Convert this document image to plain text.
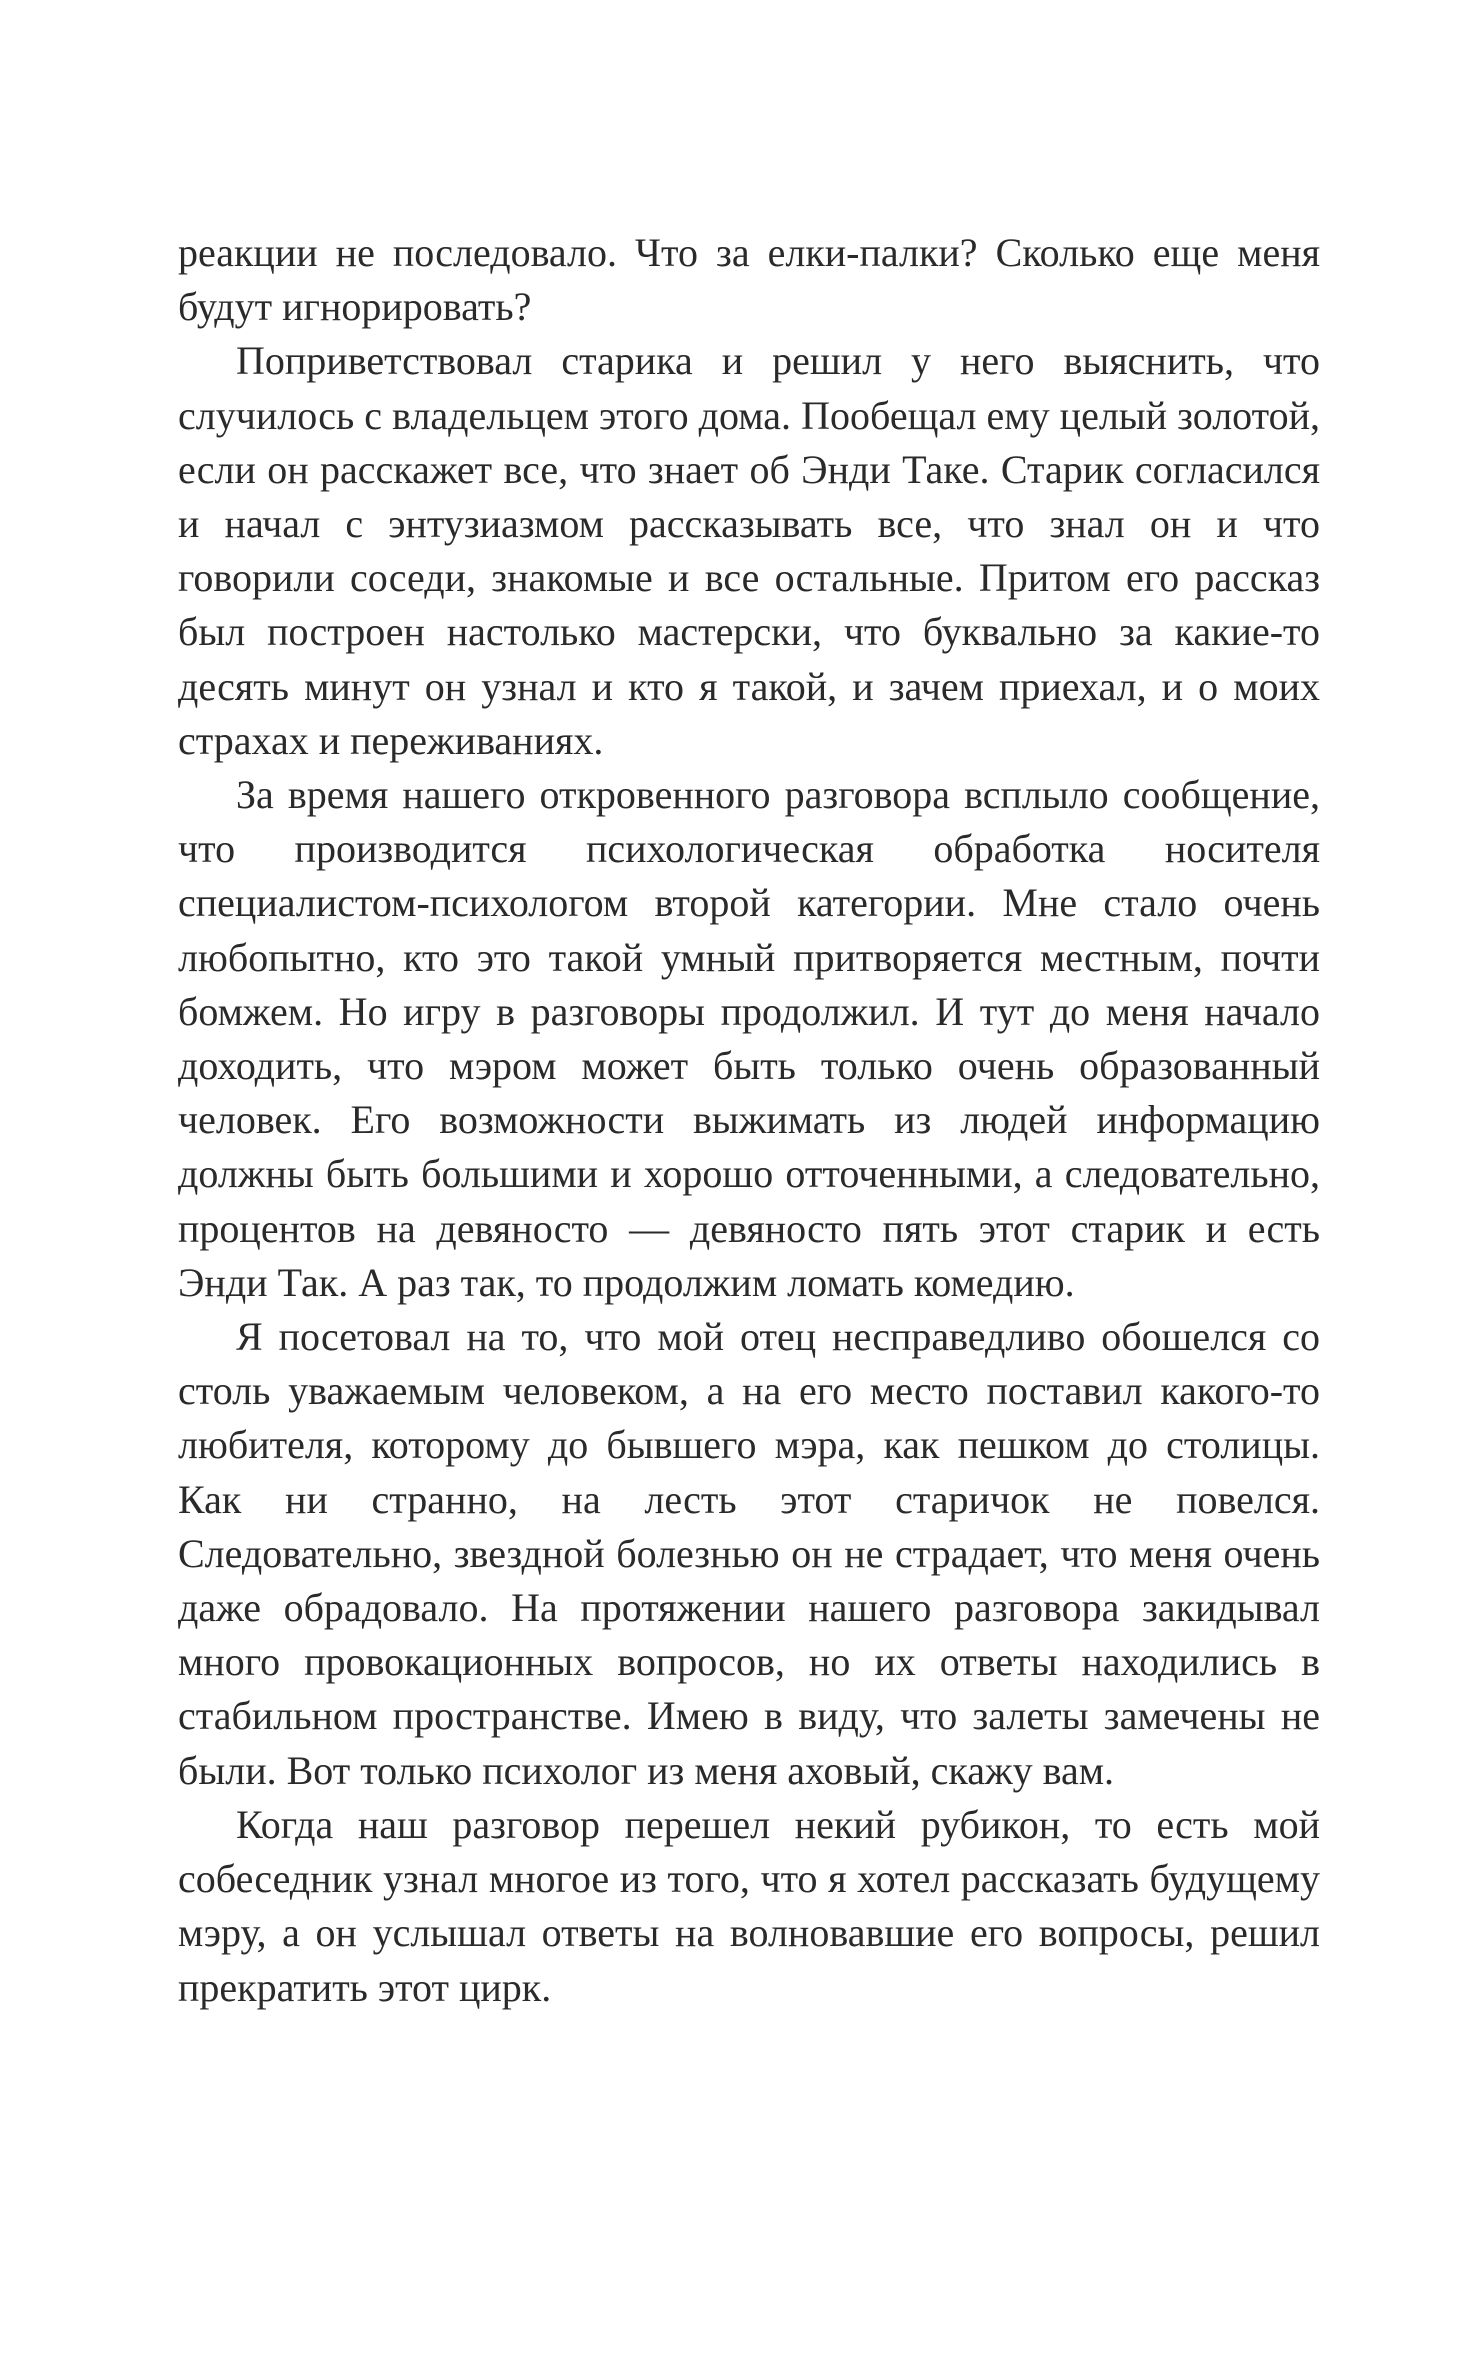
реакции не последовало. Что за елки-палки? Сколько еще меня будут игнорировать?

Поприветствовал старика и решил у него выяснить, что случилось с владельцем этого дома. Пообещал ему целый золотой, если он расскажет все, что знает об Энди Таке. Старик согласился и начал с энтузиазмом рассказывать все, что знал он и что говорили соседи, знакомые и все остальные. Притом его рассказ был построен настолько мастерски, что буквально за какие-то десять минут он узнал и кто я такой, и зачем приехал, и о моих страхах и переживаниях.

За время нашего откровенного разговора всплыло сообщение, что производится психологическая обработка носителя специалистом-психологом второй категории. Мне стало очень любопытно, кто это такой умный притворяется местным, почти бомжем. Но игру в разговоры продолжил. И тут до меня начало доходить, что мэром может быть только очень образованный человек. Его возможности выжимать из людей информацию должны быть большими и хорошо отточенными, а следовательно, процентов на девяносто — девяносто пять этот старик и есть Энди Так. А раз так, то продолжим ломать комедию.

Я посетовал на то, что мой отец несправедливо обошелся со столь уважаемым человеком, а на его место поставил какого-то любителя, которому до бывшего мэра, как пешком до столицы. Как ни странно, на лесть этот старичок не повелся. Следовательно, звездной болезнью он не страдает, что меня очень даже обрадовало. На протяжении нашего разговора закидывал много провокационных вопросов, но их ответы находились в стабильном пространстве. Имею в виду, что залеты замечены не были. Вот только психолог из меня аховый, скажу вам.

Когда наш разговор перешел некий рубикон, то есть мой собеседник узнал многое из того, что я хотел рассказать будущему мэру, а он услышал ответы на волновавшие его вопросы, решил прекратить этот цирк.
